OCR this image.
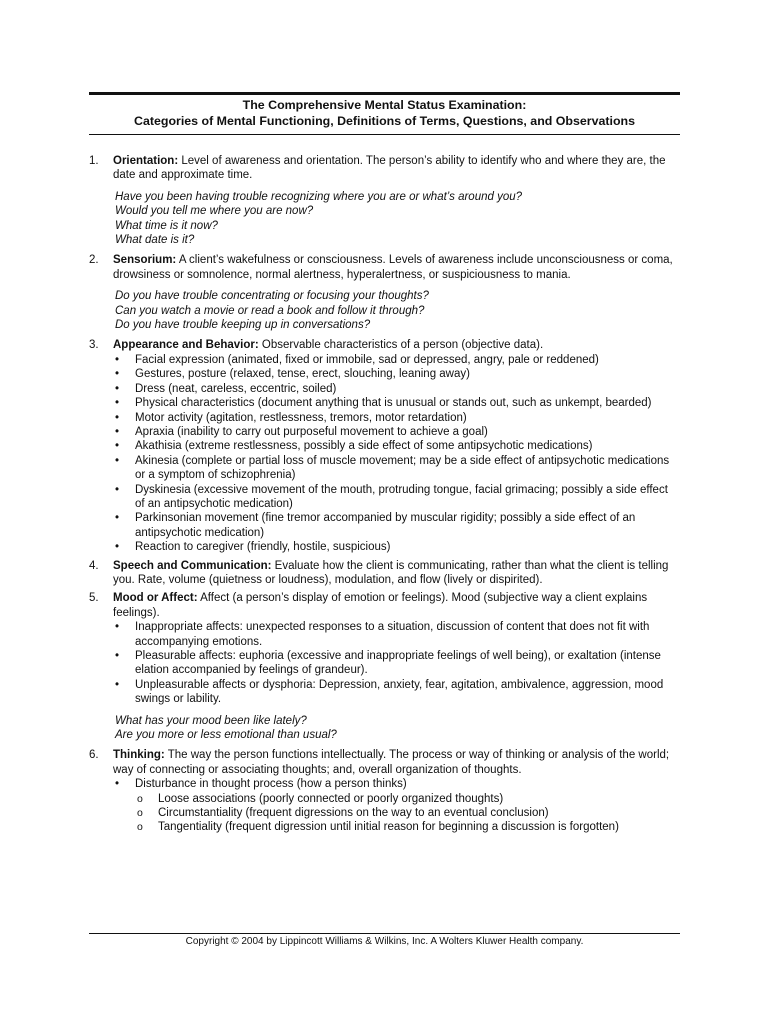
The Comprehensive Mental Status Examination:
Categories of Mental Functioning, Definitions of Terms, Questions, and Observations
1. Orientation: Level of awareness and orientation. The person’s ability to identify who and where they are, the date and approximate time.
Have you been having trouble recognizing where you are or what’s around you?
Would you tell me where you are now?
What time is it now?
What date is it?
2. Sensorium: A client’s wakefulness or consciousness. Levels of awareness include unconsciousness or coma, drowsiness or somnolence, normal alertness, hyperalertness, or suspiciousness to mania.
Do you have trouble concentrating or focusing your thoughts?
Can you watch a movie or read a book and follow it through?
Do you have trouble keeping up in conversations?
3. Appearance and Behavior: Observable characteristics of a person (objective data).
• Facial expression (animated, fixed or immobile, sad or depressed, angry, pale or reddened)
• Gestures, posture (relaxed, tense, erect, slouching, leaning away)
• Dress (neat, careless, eccentric, soiled)
• Physical characteristics (document anything that is unusual or stands out, such as unkempt, bearded)
• Motor activity (agitation, restlessness, tremors, motor retardation)
• Apraxia (inability to carry out purposeful movement to achieve a goal)
• Akathisia (extreme restlessness, possibly a side effect of some antipsychotic medications)
• Akinesia (complete or partial loss of muscle movement; may be a side effect of antipsychotic medications or a symptom of schizophrenia)
• Dyskinesia (excessive movement of the mouth, protruding tongue, facial grimacing; possibly a side effect of an antipsychotic medication)
• Parkinsonian movement (fine tremor accompanied by muscular rigidity; possibly a side effect of an antipsychotic medication)
• Reaction to caregiver (friendly, hostile, suspicious)
4. Speech and Communication: Evaluate how the client is communicating, rather than what the client is telling you. Rate, volume (quietness or loudness), modulation, and flow (lively or dispirited).
5. Mood or Affect: Affect (a person’s display of emotion or feelings). Mood (subjective way a client explains feelings).
• Inappropriate affects: unexpected responses to a situation, discussion of content that does not fit with accompanying emotions.
• Pleasurable affects: euphoria (excessive and inappropriate feelings of well being), or exaltation (intense elation accompanied by feelings of grandeur).
• Unpleasurable affects or dysphoria: Depression, anxiety, fear, agitation, ambivalence, aggression, mood swings or lability.
What has your mood been like lately?
Are you more or less emotional than usual?
6. Thinking: The way the person functions intellectually. The process or way of thinking or analysis of the world; way of connecting or associating thoughts; and, overall organization of thoughts.
• Disturbance in thought process (how a person thinks)
o Loose associations (poorly connected or poorly organized thoughts)
o Circumstantiality (frequent digressions on the way to an eventual conclusion)
o Tangentiality (frequent digression until initial reason for beginning a discussion is forgotten)
Copyright © 2004 by Lippincott Williams & Wilkins, Inc. A Wolters Kluwer Health company.
